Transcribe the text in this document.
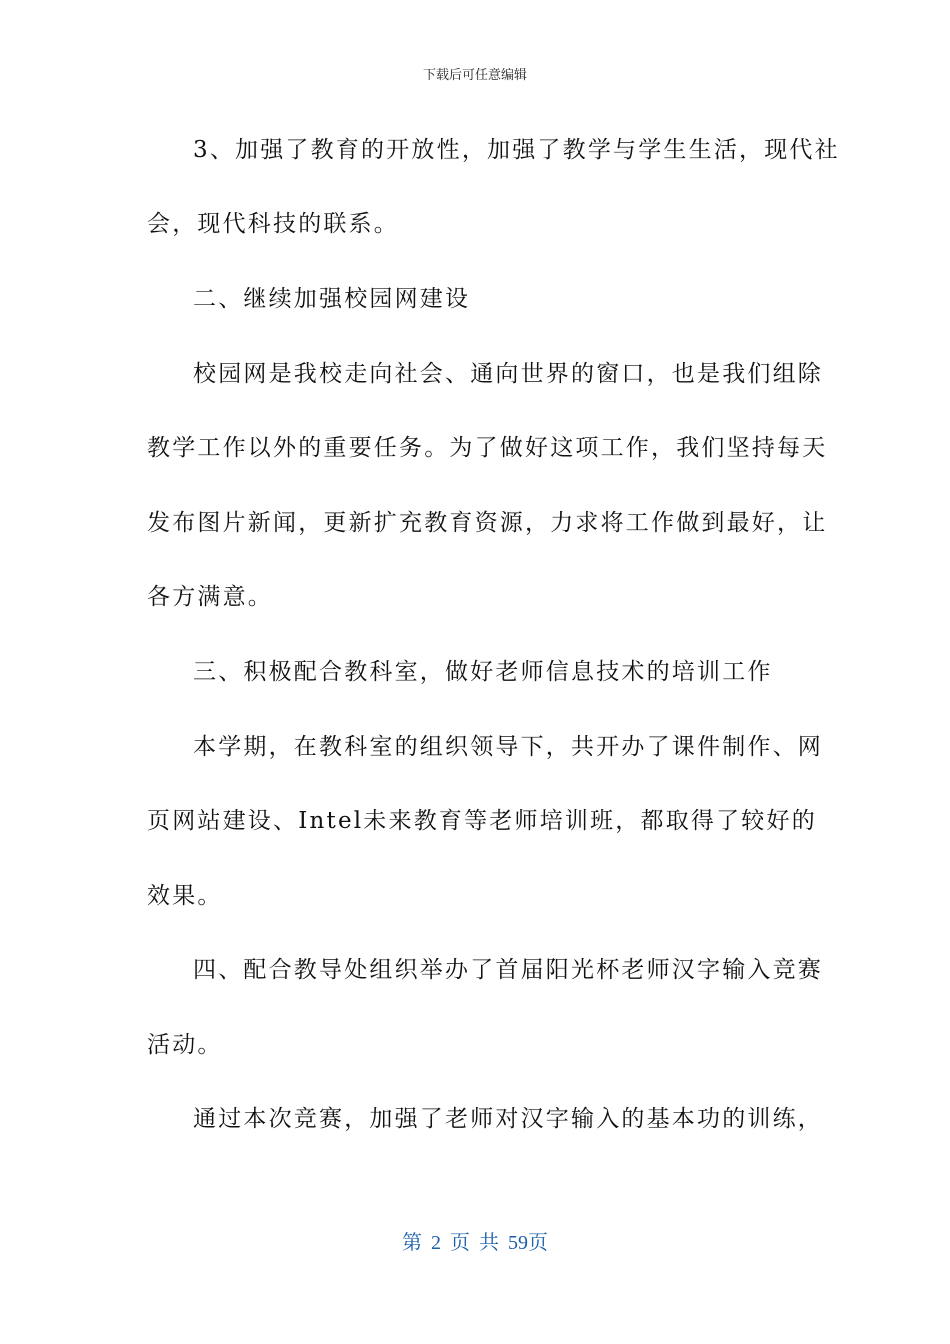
下载后可任意编辑
3、加强了教育的开放性，加强了教学与学生生活，现代社
会，现代科技的联系。
二、继续加强校园网建设
校园网是我校走向社会、通向世界的窗口，也是我们组除
教学工作以外的重要任务。为了做好这项工作，我们坚持每天
发布图片新闻，更新扩充教育资源，力求将工作做到最好，让
各方满意。
三、积极配合教科室，做好老师信息技术的培训工作
本学期，在教科室的组织领导下，共开办了课件制作、网
页网站建设、Intel未来教育等老师培训班，都取得了较好的
效果。
四、配合教导处组织举办了首届阳光杯老师汉字输入竞赛
活动。
通过本次竞赛，加强了老师对汉字输入的基本功的训练，
第 2 页 共 59页
